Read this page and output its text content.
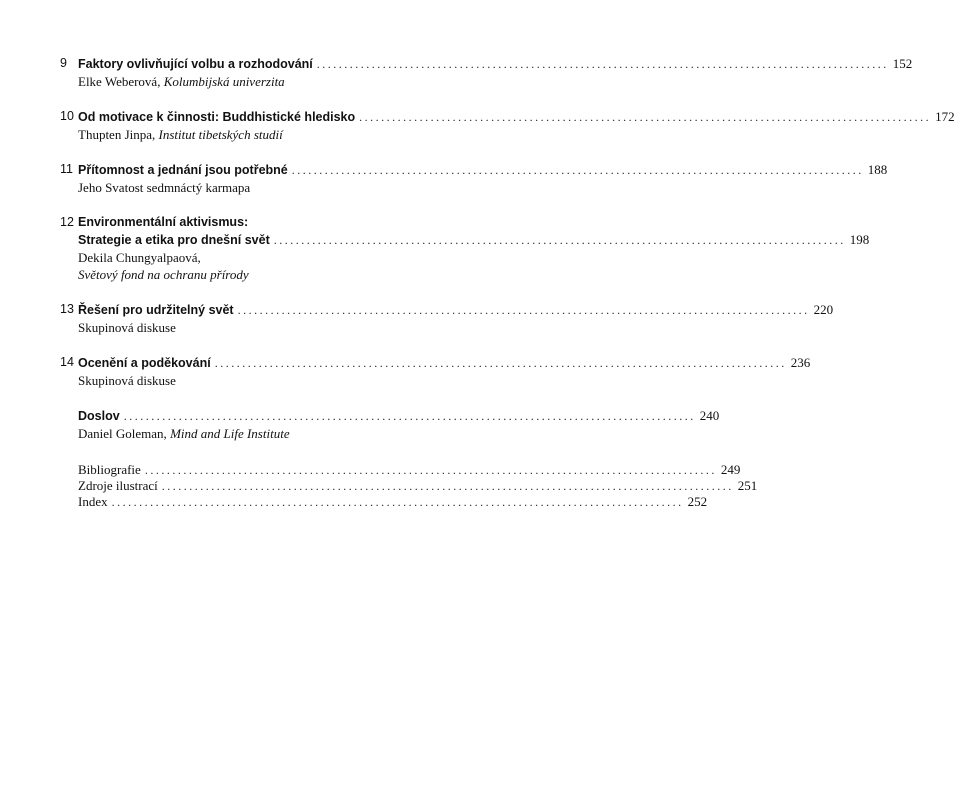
9 Faktory ovlivňující volbu a rozhodování ........................................................................................................ 152
Elke Weberová, Kolumbijská univerzita
10 Od motivace k činnosti: Buddhistické hledisko ........................................................................................................ 172
Thupten Jinpa, Institut tibetských studií
11 Přítomnost a jednání jsou potřebné ........................................................................................................ 188
Jeho Svatost sedmnáctý karmapa
12 Environmentální aktivismus:
Strategie a etika pro dnešní svět ........................................................................................................ 198
Dekila Chungyalpaová,
Světový fond na ochranu přírody
13 Řešení pro udržitelný svět ........................................................................................................ 220
Skupinová diskuse
14 Ocenění a poděkování ........................................................................................................ 236
Skupinová diskuse
Doslov ........................................................................................................ 240
Daniel Goleman, Mind and Life Institute
Bibliografie ........................................................................................................ 249
Zdroje ilustrací ........................................................................................................ 251
Index ........................................................................................................ 252
